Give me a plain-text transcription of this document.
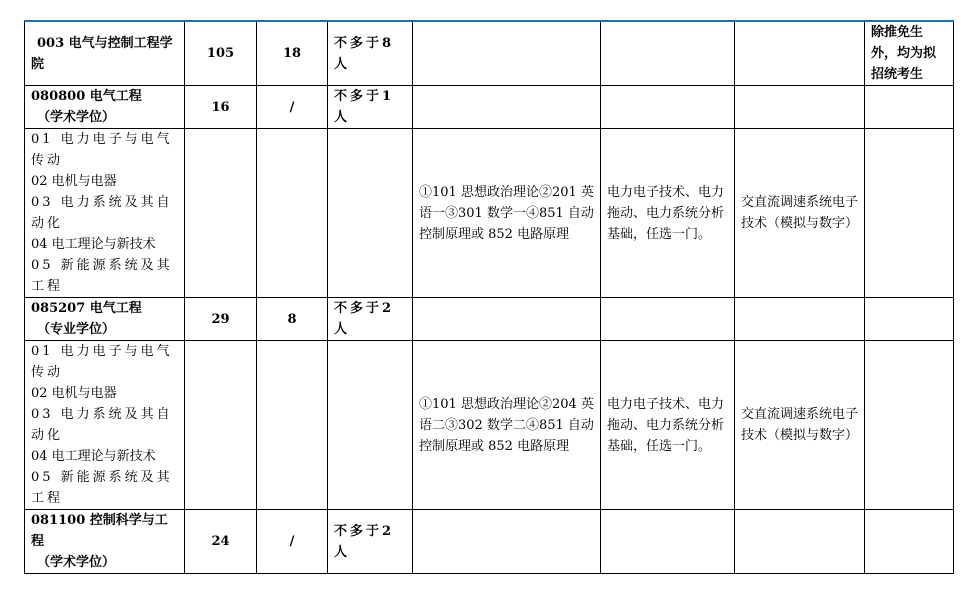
003 电气与控制工程学院	105	18	不多于8人				除推免生外，均为拟招统考生

080800 电气工程
（学术学位）	16	/	不多于1人				

01 电力电子与电气传动
02 电机与电器
03 电力系统及其自动化
04 电工理论与新技术
05 新能源系统及其工程				①101 思想政治理论②201 英语一③301 数学一④851 自动控制原理或 852 电路原理	电力电子技术、电力拖动、电力系统分析基础，任选一门。	交直流调速系统电子技术（模拟与数字）	

085207 电气工程
（专业学位）	29	8	不多于2人				

01 电力电子与电气传动
02 电机与电器
03 电力系统及其自动化
04 电工理论与新技术
05 新能源系统及其工程				①101 思想政治理论②204 英语二③302 数学二④851 自动控制原理或 852 电路原理	电力电子技术、电力拖动、电力系统分析基础，任选一门。	交直流调速系统电子技术（模拟与数字）	

081100 控制科学与工程
（学术学位）	24	/	不多于2人				
